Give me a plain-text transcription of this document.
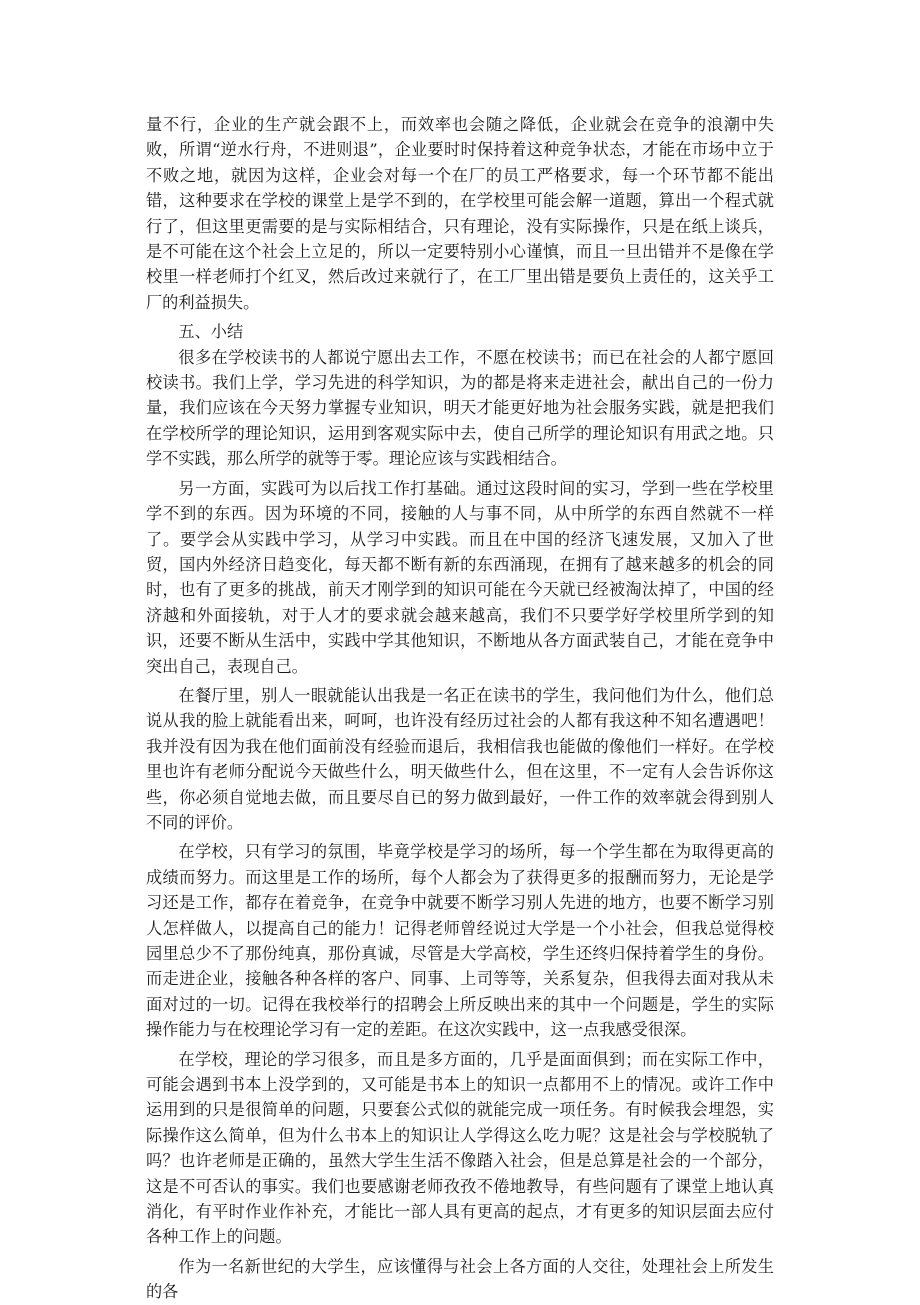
量不行，企业的生产就会跟不上，而效率也会随之降低，企业就会在竞争的浪潮中失败，所谓“逆水行舟，不进则退”，企业要时时保持着这种竞争状态，才能在市场中立于不败之地，就因为这样，企业会对每一个在厂的员工严格要求，每一个环节都不能出错，这种要求在学校的课堂上是学不到的，在学校里可能会解一道题，算出一个程式就行了，但这里更需要的是与实际相结合，只有理论，没有实际操作，只是在纸上谈兵，是不可能在这个社会上立足的，所以一定要特别小心谨慎，而且一旦出错并不是像在学校里一样老师打个红叉，然后改过来就行了，在工厂里出错是要负上责任的，这关乎工厂的利益损失。

五、小结

很多在学校读书的人都说宁愿出去工作，不愿在校读书；而已在社会的人都宁愿回校读书。我们上学，学习先进的科学知识，为的都是将来走进社会，献出自己的一份力量，我们应该在今天努力掌握专业知识，明天才能更好地为社会服务实践，就是把我们在学校所学的理论知识，运用到客观实际中去，使自己所学的理论知识有用武之地。只学不实践，那么所学的就等于零。理论应该与实践相结合。

另一方面，实践可为以后找工作打基础。通过这段时间的实习，学到一些在学校里学不到的东西。因为环境的不同，接触的人与事不同，从中所学的东西自然就不一样了。要学会从实践中学习，从学习中实践。而且在中国的经济飞速发展，又加入了世贸，国内外经济日趋变化，每天都不断有新的东西涌现，在拥有了越来越多的机会的同时，也有了更多的挑战，前天才刚学到的知识可能在今天就已经被淘汰掉了，中国的经济越和外面接轨，对于人才的要求就会越来越高，我们不只要学好学校里所学到的知识，还要不断从生活中，实践中学其他知识，不断地从各方面武装自己，才能在竞争中突出自己，表现自己。

在餐厅里，别人一眼就能认出我是一名正在读书的学生，我问他们为什么，他们总说从我的脸上就能看出来，呵呵，也许没有经历过社会的人都有我这种不知名遭遇吧！我并没有因为我在他们面前没有经验而退后，我相信我也能做的像他们一样好。在学校里也许有老师分配说今天做些什么，明天做些什么，但在这里，不一定有人会告诉你这些，你必须自觉地去做，而且要尽自已的努力做到最好，一件工作的效率就会得到别人不同的评价。

在学校，只有学习的氛围，毕竟学校是学习的场所，每一个学生都在为取得更高的成绩而努力。而这里是工作的场所，每个人都会为了获得更多的报酬而努力，无论是学习还是工作，都存在着竞争，在竞争中就要不断学习别人先进的地方，也要不断学习别人怎样做人，以提高自己的能力！记得老师曾经说过大学是一个小社会，但我总觉得校园里总少不了那份纯真，那份真诚，尽管是大学高校，学生还终归保持着学生的身份。而走进企业，接触各种各样的客户、同事、上司等等，关系复杂，但我得去面对我从未面对过的一切。记得在我校举行的招聘会上所反映出来的其中一个问题是，学生的实际操作能力与在校理论学习有一定的差距。在这次实践中，这一点我感受很深。

在学校，理论的学习很多，而且是多方面的，几乎是面面俱到；而在实际工作中，可能会遇到书本上没学到的，又可能是书本上的知识一点都用不上的情况。或许工作中运用到的只是很简单的问题，只要套公式似的就能完成一项任务。有时候我会埋怨，实际操作这么简单，但为什么书本上的知识让人学得这么吃力呢？这是社会与学校脱轨了吗？也许老师是正确的，虽然大学生生活不像踏入社会，但是总算是社会的一个部分，这是不可否认的事实。我们也要感谢老师孜孜不倦地教导，有些问题有了课堂上地认真消化，有平时作业作补充，才能比一部人具有更高的起点，才有更多的知识层面去应付各种工作上的问题。

作为一名新世纪的大学生，应该懂得与社会上各方面的人交往，处理社会上所发生的各
